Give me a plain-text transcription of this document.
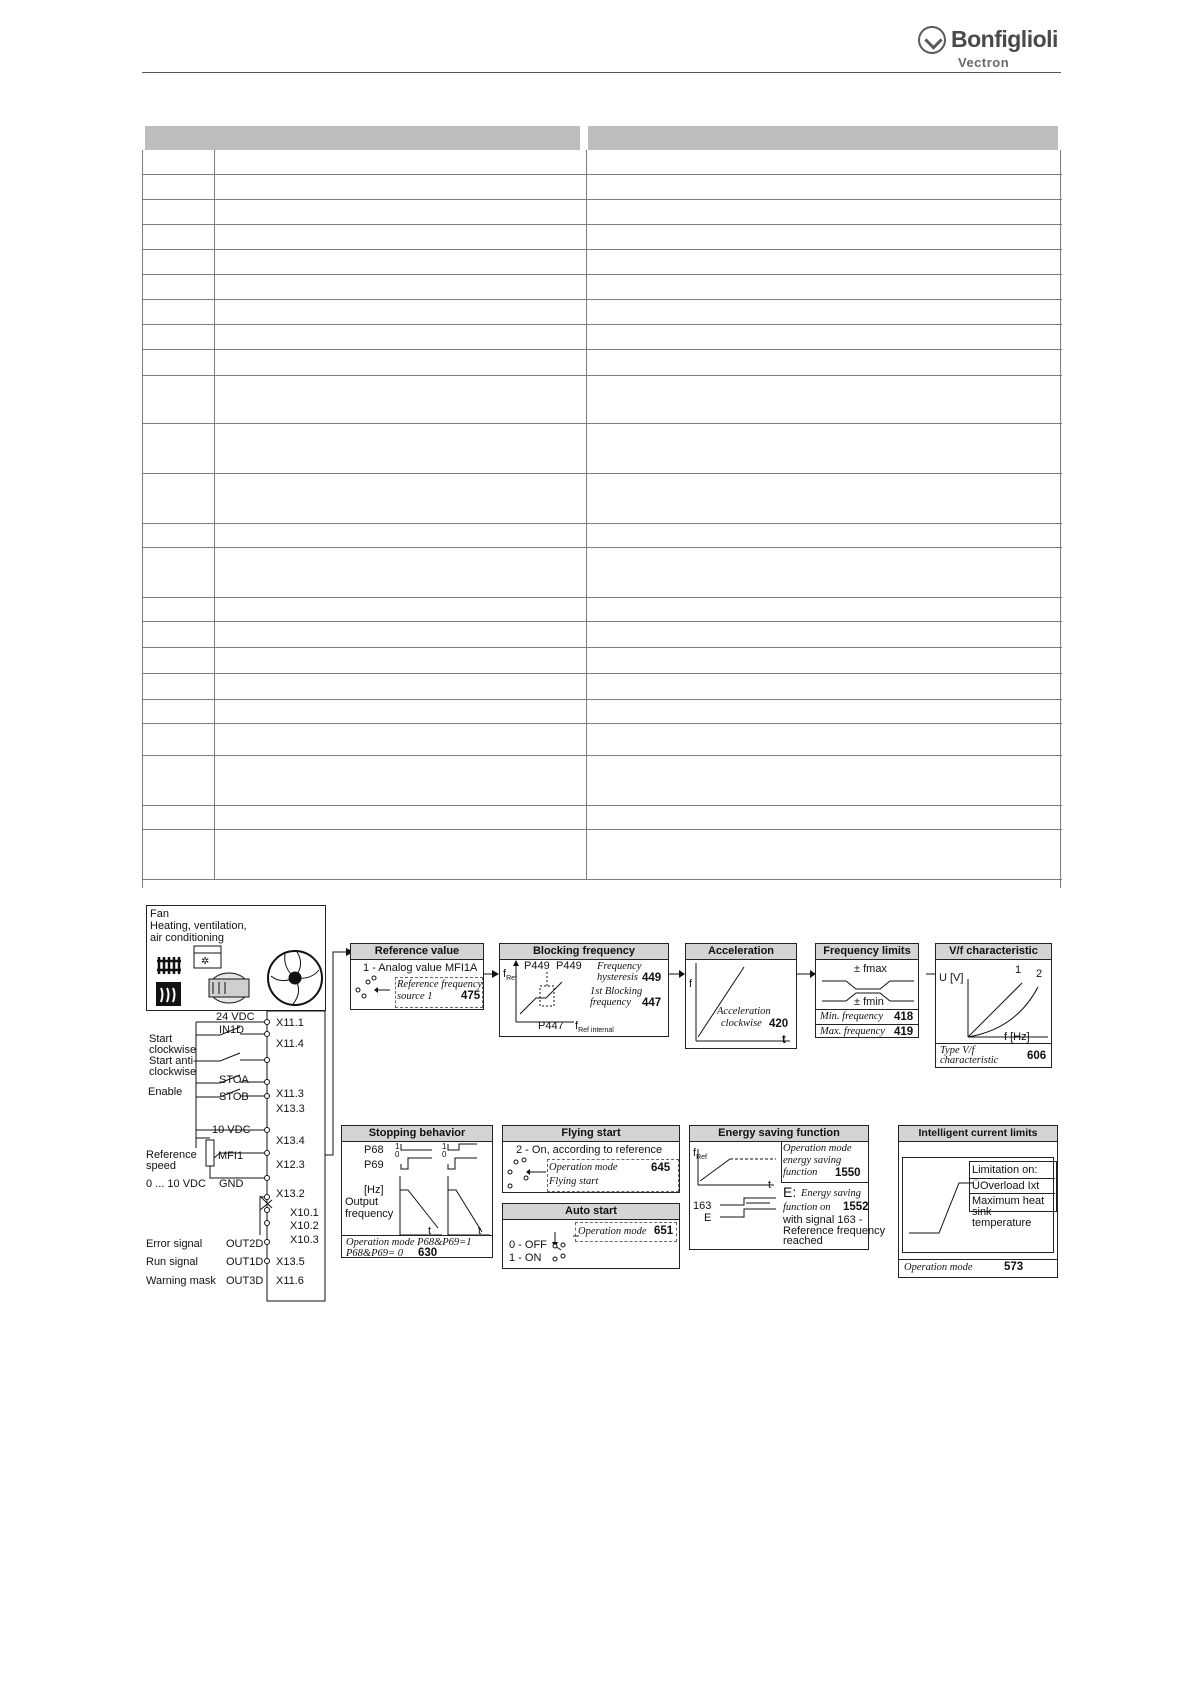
Bonfiglioli
Vectron
Fan
Heating, ventilation,
air conditioning
✲
24 VDC X11.1
IN1D
Start
clockwise	X11.4
Start anti-
clockwise
STOA
Enable	X11.3
STOB
X13.3
10 VDC
X13.4
Reference
speed
MFI1
X12.3
0 ... 10 VDC GND
X13.2
X10.1
X10.2
X10.3
Error signal OUT2D
Run signal	OUT1D X13.5
Warning mask OUT3D X11.6
Reference value
1 - Analog value MFI1A
Reference frequency
source 1 475
Blocking frequency
$f_{Ref}$
P449 P449
P447 $f_{Ref internal}$
Frequency
hysteresis 449
1st Blocking
frequency 447
Acceleration
f
t
Acceleration
clockwise 420
Frequency limits
± fmax
± fmin
Min. frequency 418
Max. frequency 419
V/f characteristic
U [V]
1 2
f [Hz]
Type V/f
characteristic 606
Stopping behavior
P68
P69
1
0
1
0
[Hz]
Output
frequency
t	t
Operation mode P68&P69=1
P68&P69= 0 630
Flying start
2 - On, according to reference
Operation mode
Flying start
645
Auto start
Operation mode 651
0 - OFF
1 - ON
Energy saving function
$f_{Ref}$
t
Operation mode
energy saving
function 1550
163
E
E: Energy saving
function on 1552
with signal 163 -
Reference frequency
reached
Intelligent current limits
Limitation on:
ÜOverload Ixt
Maximum heat
sink
temperature
Operation mode	573
